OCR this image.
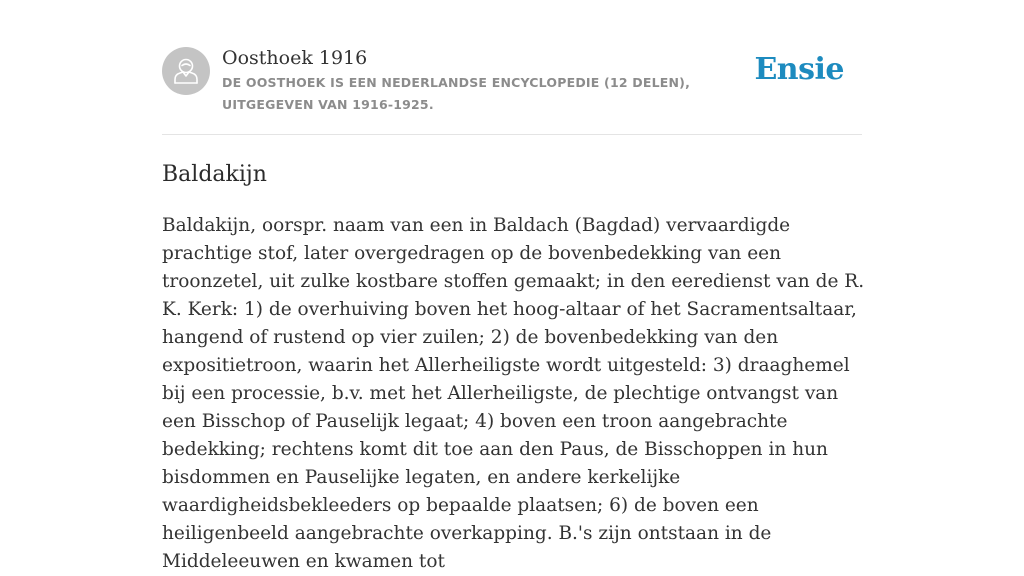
Oosthoek 1916
DE OOSTHOEK IS EEN NEDERLANDSE ENCYCLOPEDIE (12 DELEN), UITGEGEVEN VAN 1916-1925.
Ensie
Baldakijn

Baldakijn, oorspr. naam van een in Baldach (Bagdad) vervaardigde prachtige stof, later overgedragen op de bovenbedekking van een troonzetel, uit zulke kostbare stoffen gemaakt; in den eeredienst van de R. K. Kerk: 1) de overhuiving boven het hoog-altaar of het Sacramentsaltaar, hangend of rustend op vier zuilen; 2) de bovenbedekking van den expositietroon, waarin het Allerheiligste wordt uitgesteld: 3) draaghemel bij een processie, b.v. met het Allerheiligste, de plechtige ontvangst van een Bisschop of Pauselijk legaat; 4) boven een troon aangebrachte bedekking; rechtens komt dit toe aan den Paus, de Bisschoppen in hun bisdommen en Pauselijke legaten, en andere kerkelijke waardigheidsbekleeders op bepaalde plaatsen; 6) de boven een heiligenbeeld aangebrachte overkapping. B.'s zijn ontstaan in de Middeleeuwen en kwamen tot
